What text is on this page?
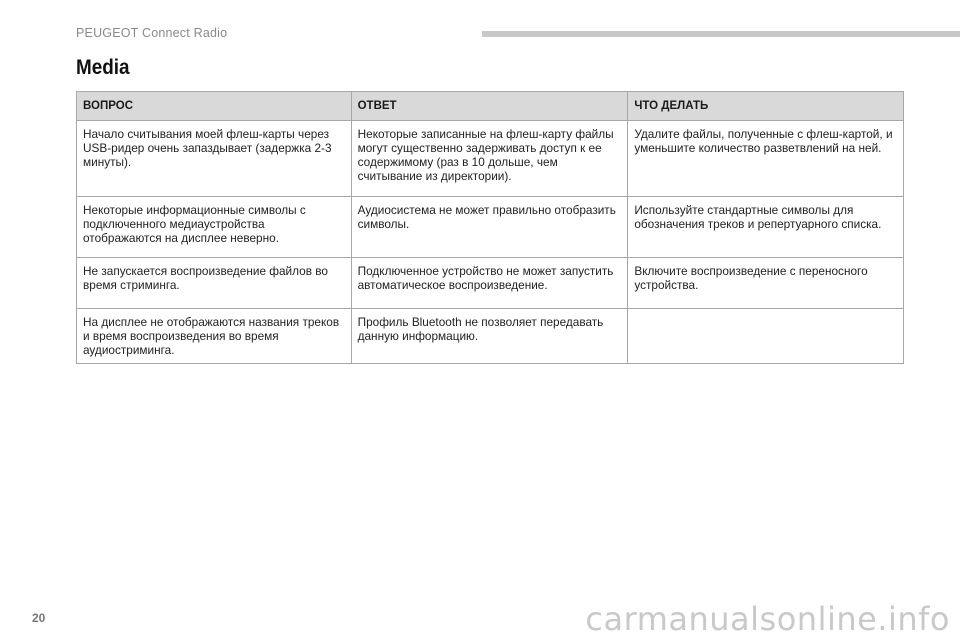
PEUGEOT Connect Radio
Media
ВОПРОС	ОТВЕТ	ЧТО ДЕЛАТЬ
Начало считывания моей флеш-карты через USB-ридер очень запаздывает (задержка 2-3 минуты).	Некоторые записанные на флеш-карту файлы могут существенно задерживать доступ к ее содержимому (раз в 10 дольше, чем считывание из директории).	Удалите файлы, полученные с флеш-картой, и уменьшите количество разветвлений на ней.
Некоторые информационные символы с подключенного медиаустройства отображаются на дисплее неверно.	Аудиосистема не может правильно отобразить символы.	Используйте стандартные символы для обозначения треков и репертуарного списка.
Не запускается воспроизведение файлов во время стриминга.	Подключенное устройство не может запустить автоматическое воспроизведение.	Включите воспроизведение с переносного устройства.
На дисплее не отображаются названия треков и время воспроизведения во время аудиостриминга.	Профиль Bluetooth не позволяет передавать данную информацию.	
20	carmanualsonline.info
